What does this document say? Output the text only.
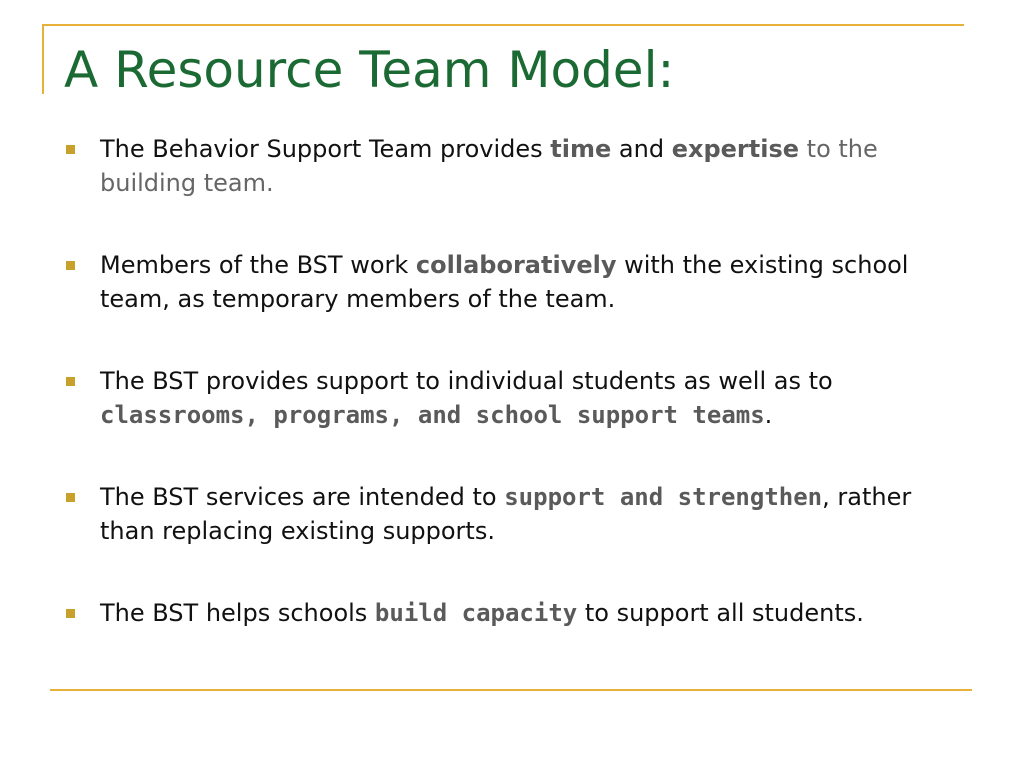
A Resource Team Model:
The Behavior Support Team provides time and expertise to the building team.
Members of the BST work collaboratively with the existing school team, as temporary members of the team.
The BST provides support to individual students as well as to classrooms, programs, and school support teams.
The BST services are intended to support and strengthen, rather than replacing existing supports.
The BST helps schools build capacity to support all students.
